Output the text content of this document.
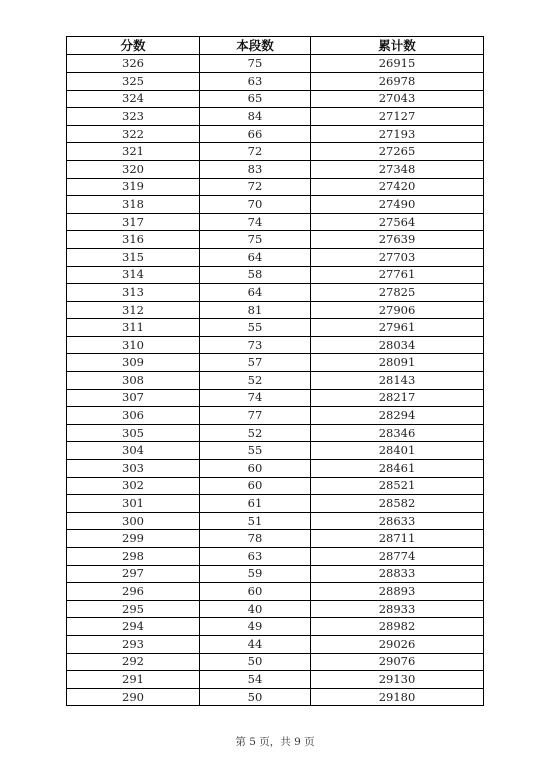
分数	本段数	累计数
326	75	26915
325	63	26978
324	65	27043
323	84	27127
322	66	27193
321	72	27265
320	83	27348
319	72	27420
318	70	27490
317	74	27564
316	75	27639
315	64	27703
314	58	27761
313	64	27825
312	81	27906
311	55	27961
310	73	28034
309	57	28091
308	52	28143
307	74	28217
306	77	28294
305	52	28346
304	55	28401
303	60	28461
302	60	28521
301	61	28582
300	51	28633
299	78	28711
298	63	28774
297	59	28833
296	60	28893
295	40	28933
294	49	28982
293	44	29026
292	50	29076
291	54	29130
290	50	29180
第 5 页，共 9 页
